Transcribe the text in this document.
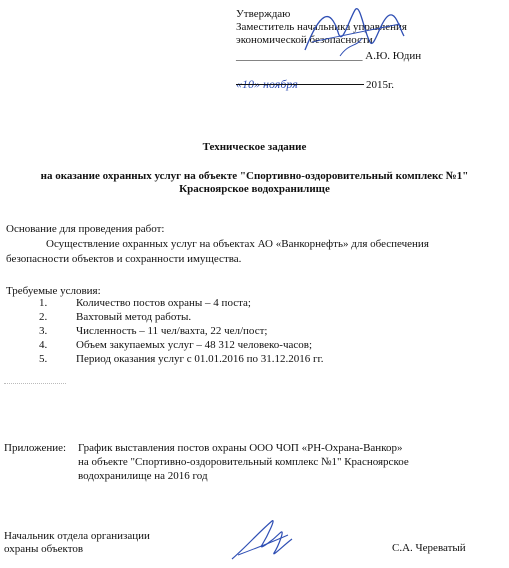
Утверждаю
Заместитель начальника управления
экономической безопасности
_______________________ А.Ю. Юдин
«10» ноября	2015г.
Техническое задание
на оказание охранных услуг на объекте "Спортивно-оздоровительный комплекс №1"
Красноярское водохранилище
Основание для проведения работ:
Осуществление охранных услуг на объектах АО «Ванкорнефть» для обеспечения
безопасности объектов и сохранности имущества.
Требуемые условия:
1.	Количество постов охраны – 4 поста;
2.	Вахтовый метод работы.
3.	Численность – 11 чел/вахта, 22 чел/пост;
4.	Объем закупаемых услуг – 48 312 человеко-часов;
5.	Период оказания услуг с 01.01.2016 по 31.12.2016 гг.
Приложение: График выставления постов охраны ООО ЧОП «РН-Охрана-Ванкор»
на объекте "Спортивно-оздоровительный комплекс №1" Красноярское
водохранилище на 2016 год
Начальник отдела организации
охраны объектов	С.А. Череватый
